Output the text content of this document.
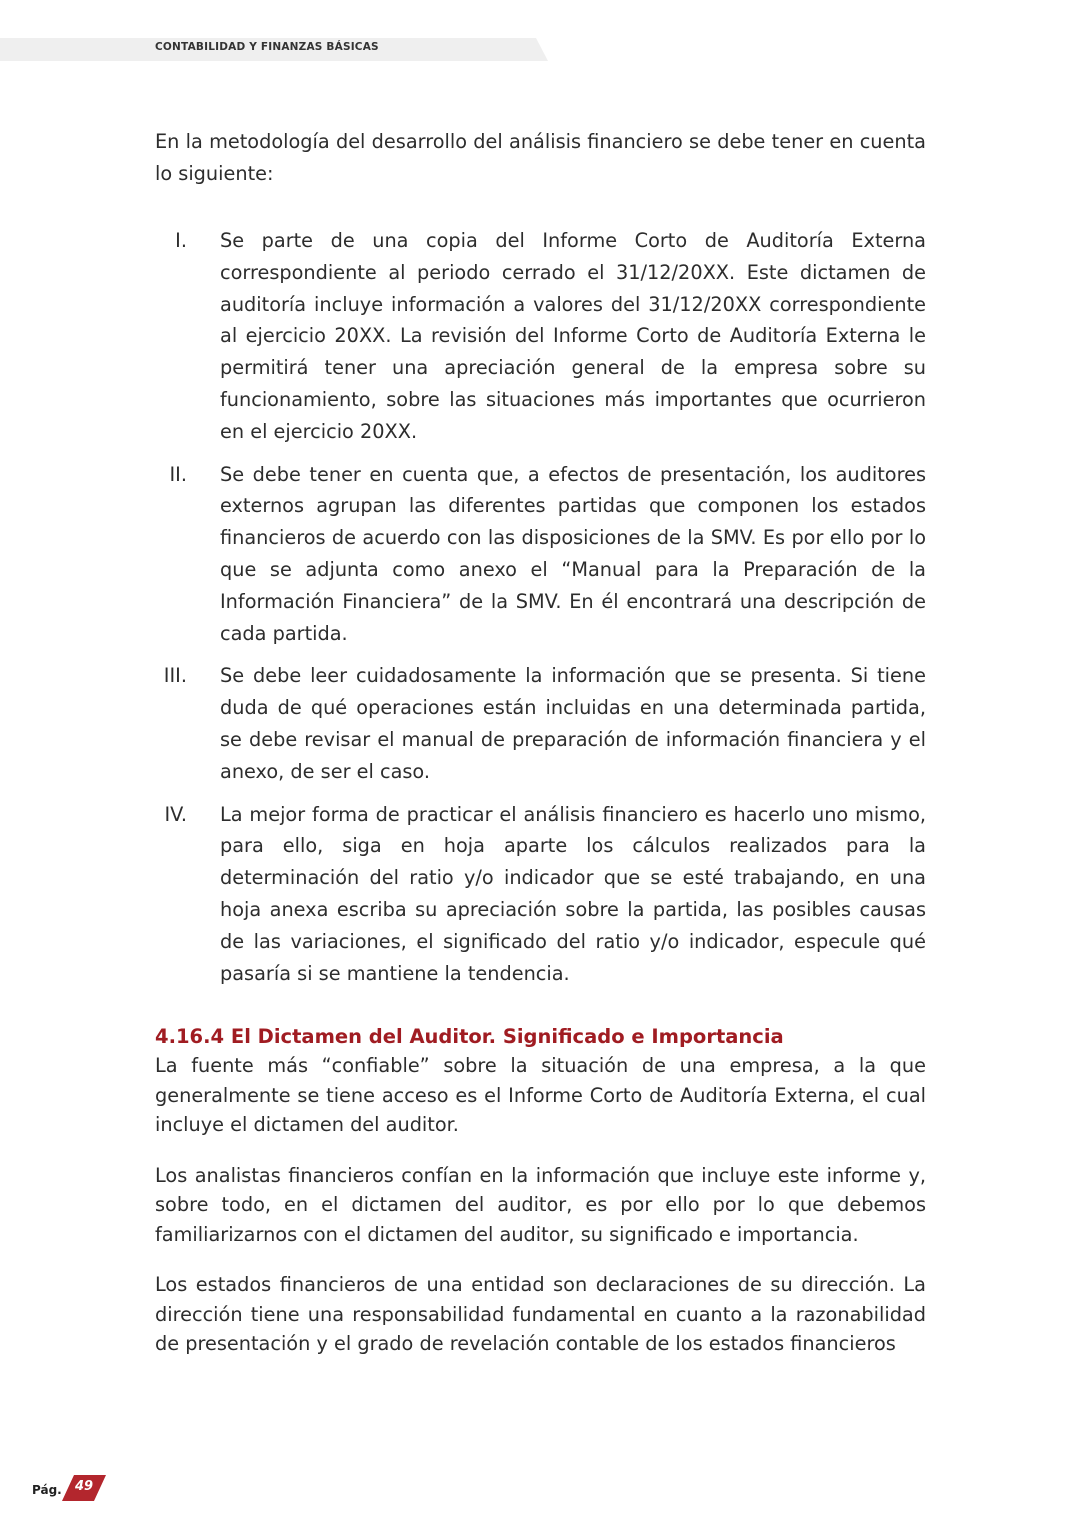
CONTABILIDAD Y FINANZAS BÁSICAS

En la metodología del desarrollo del análisis financiero se debe tener en cuenta lo siguiente:

I. Se parte de una copia del Informe Corto de Auditoría Externa correspondiente al periodo cerrado el 31/12/20XX. Este dictamen de auditoría incluye información a valores del 31/12/20XX correspondiente al ejercicio 20XX. La revisión del Informe Corto de Auditoría Externa le permitirá tener una apreciación general de la empresa sobre su funcionamiento, sobre las situaciones más importantes que ocurrieron en el ejercicio 20XX.

II. Se debe tener en cuenta que, a efectos de presentación, los auditores externos agrupan las diferentes partidas que componen los estados financieros de acuerdo con las disposiciones de la SMV. Es por ello por lo que se adjunta como anexo el “Manual para la Preparación de la Información Financiera” de la SMV. En él encontrará una descripción de cada partida.

III. Se debe leer cuidadosamente la información que se presenta. Si tiene duda de qué operaciones están incluidas en una determinada partida, se debe revisar el manual de preparación de información financiera y el anexo, de ser el caso.

IV. La mejor forma de practicar el análisis financiero es hacerlo uno mismo, para ello, siga en hoja aparte los cálculos realizados para la determinación del ratio y/o indicador que se esté trabajando, en una hoja anexa escriba su apreciación sobre la partida, las posibles causas de las variaciones, el significado del ratio y/o indicador, especule qué pasaría si se mantiene la tendencia.

4.16.4 El Dictamen del Auditor. Significado e Importancia

La fuente más “confiable” sobre la situación de una empresa, a la que generalmente se tiene acceso es el Informe Corto de Auditoría Externa, el cual incluye el dictamen del auditor.

Los analistas financieros confían en la información que incluye este informe y, sobre todo, en el dictamen del auditor, es por ello por lo que debemos familiarizarnos con el dictamen del auditor, su significado e importancia.

Los estados financieros de una entidad son declaraciones de su dirección. La dirección tiene una responsabilidad fundamental en cuanto a la razonabilidad de presentación y el grado de revelación contable de los estados financieros

Pág.	49
